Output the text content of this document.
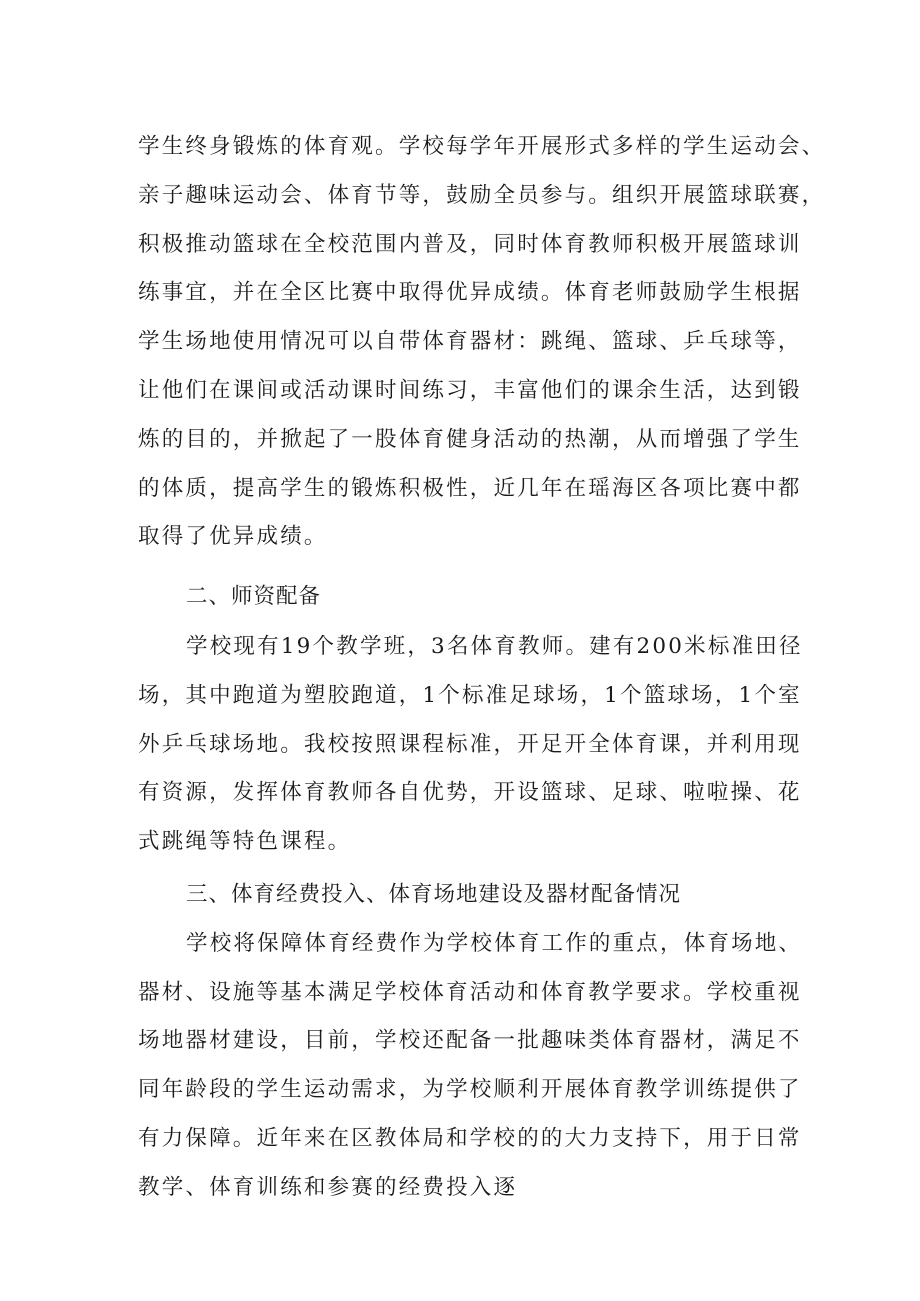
学生终身锻炼的体育观。学校每学年开展形式多样的学生运动会、
亲子趣味运动会、体育节等，鼓励全员参与。组织开展篮球联赛，
积极推动篮球在全校范围内普及，同时体育教师积极开展篮球训
练事宜，并在全区比赛中取得优异成绩。体育老师鼓励学生根据
学生场地使用情况可以自带体育器材：跳绳、篮球、乒乓球等，
让他们在课间或活动课时间练习，丰富他们的课余生活，达到锻
炼的目的，并掀起了一股体育健身活动的热潮，从而增强了学生
的体质，提高学生的锻炼积极性，近几年在瑶海区各项比赛中都
取得了优异成绩。
二、师资配备
学校现有19个教学班，3名体育教师。建有200米标准田径
场，其中跑道为塑胶跑道，1个标准足球场，1个篮球场，1个室
外乒乓球场地。我校按照课程标准，开足开全体育课，并利用现
有资源，发挥体育教师各自优势，开设篮球、足球、啦啦操、花
式跳绳等特色课程。
三、体育经费投入、体育场地建设及器材配备情况
学校将保障体育经费作为学校体育工作的重点，体育场地、
器材、设施等基本满足学校体育活动和体育教学要求。学校重视
场地器材建设，目前，学校还配备一批趣味类体育器材，满足不
同年龄段的学生运动需求，为学校顺利开展体育教学训练提供了
有力保障。近年来在区教体局和学校的的大力支持下，用于日常
教学、体育训练和参赛的经费投入逐
